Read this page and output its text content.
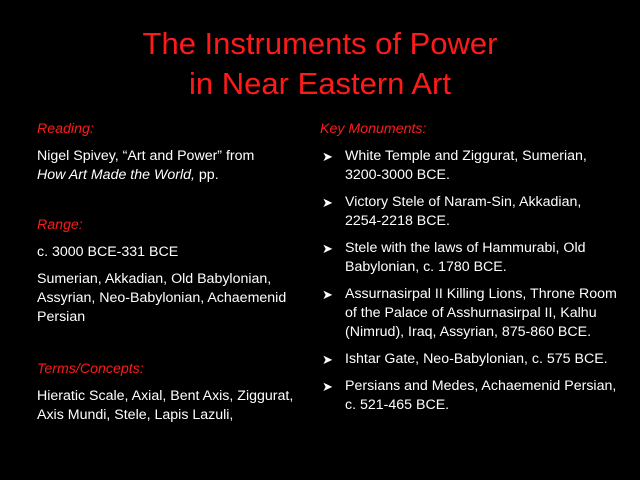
The Instruments of Power
in Near Eastern Art
Reading:
Nigel Spivey, “Art and Power” from
How Art Made the World, pp.
Range:
c. 3000 BCE-331 BCE
Sumerian, Akkadian, Old Babylonian, Assyrian, Neo-Babylonian, Achaemenid Persian
Terms/Concepts:
Hieratic Scale, Axial, Bent Axis, Ziggurat, Axis Mundi, Stele, Lapis Lazuli,
Key Monuments:
➤ White Temple and Ziggurat, Sumerian, 3200-3000 BCE.
➤ Victory Stele of Naram-Sin, Akkadian, 2254-2218 BCE.
➤ Stele with the laws of Hammurabi, Old Babylonian, c. 1780 BCE.
➤ Assurnasirpal II Killing Lions, Throne Room of the Palace of Asshurnasirpal II, Kalhu (Nimrud), Iraq, Assyrian, 875-860 BCE.
➤ Ishtar Gate, Neo-Babylonian, c. 575 BCE.
➤ Persians and Medes, Achaemenid Persian, c. 521-465 BCE.
